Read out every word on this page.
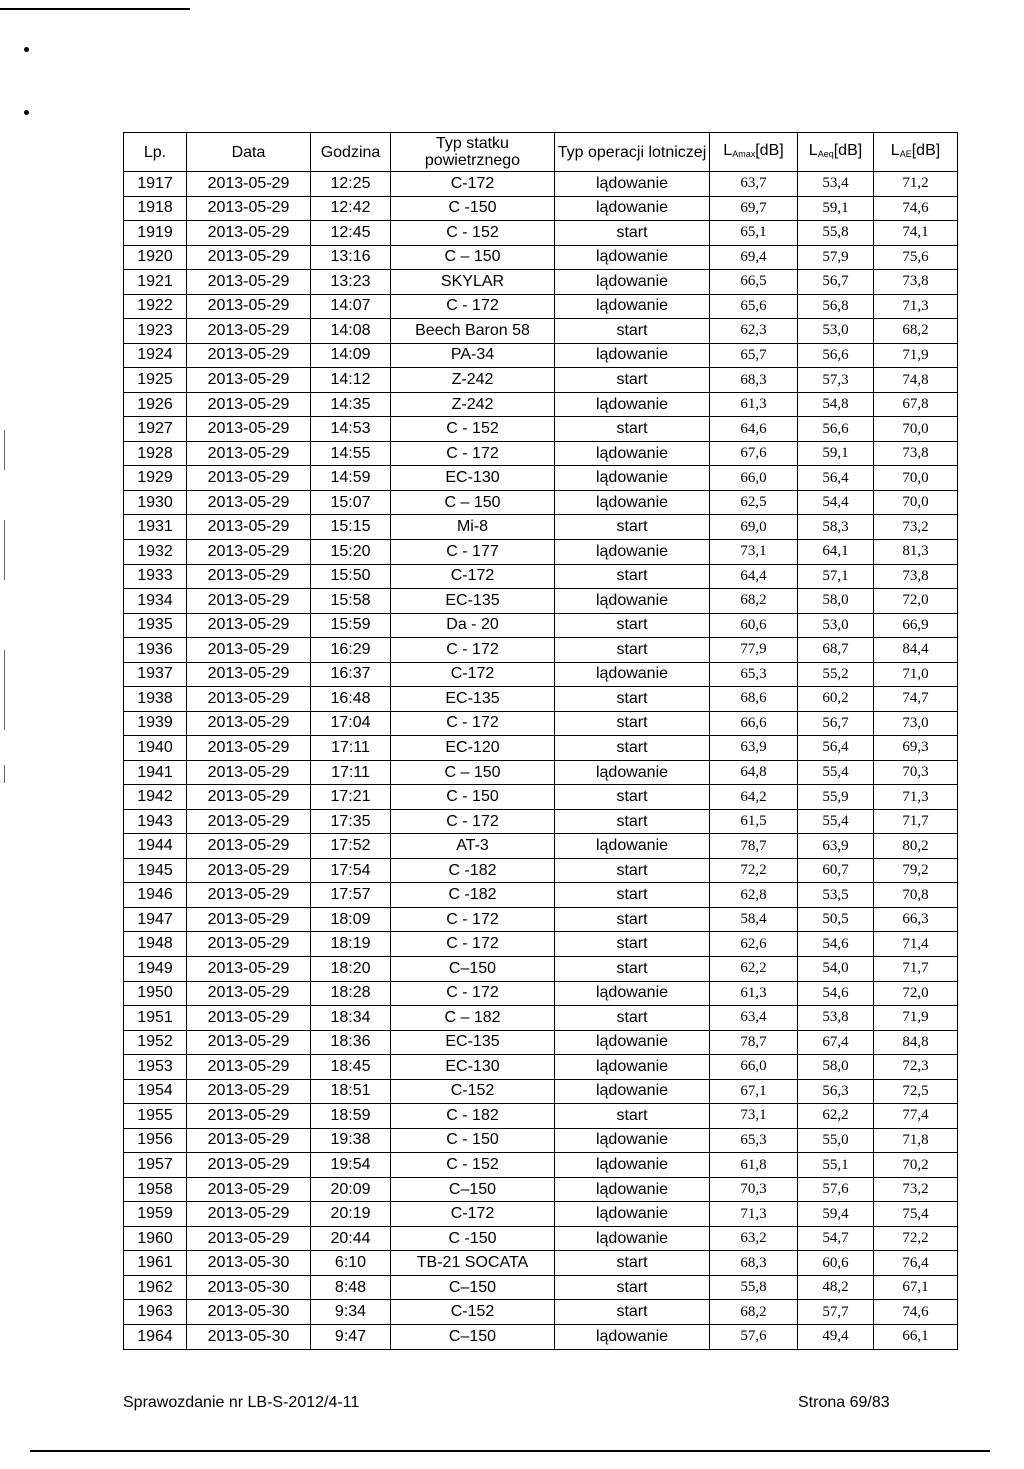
Lp.	Data	Godzina	Typ statku powietrznego	Typ operacji lotniczej	$L_{Amax}[dB]$	$L_{Aeq}[dB]$	$L_{AE}[dB]$
1917	2013-05-29	12:25	C-172	lądowanie	63,7	53,4	71,2
1918	2013-05-29	12:42	C -150	lądowanie	69,7	59,1	74,6
1919	2013-05-29	12:45	C - 152	start	65,1	55,8	74,1
1920	2013-05-29	13:16	C – 150	lądowanie	69,4	57,9	75,6
1921	2013-05-29	13:23	SKYLAR	lądowanie	66,5	56,7	73,8
1922	2013-05-29	14:07	C - 172	lądowanie	65,6	56,8	71,3
1923	2013-05-29	14:08	Beech Baron 58	start	62,3	53,0	68,2
1924	2013-05-29	14:09	PA-34	lądowanie	65,7	56,6	71,9
1925	2013-05-29	14:12	Z-242	start	68,3	57,3	74,8
1926	2013-05-29	14:35	Z-242	lądowanie	61,3	54,8	67,8
1927	2013-05-29	14:53	C - 152	start	64,6	56,6	70,0
1928	2013-05-29	14:55	C - 172	lądowanie	67,6	59,1	73,8
1929	2013-05-29	14:59	EC-130	lądowanie	66,0	56,4	70,0
1930	2013-05-29	15:07	C – 150	lądowanie	62,5	54,4	70,0
1931	2013-05-29	15:15	Mi-8	start	69,0	58,3	73,2
1932	2013-05-29	15:20	C - 177	lądowanie	73,1	64,1	81,3
1933	2013-05-29	15:50	C-172	start	64,4	57,1	73,8
1934	2013-05-29	15:58	EC-135	lądowanie	68,2	58,0	72,0
1935	2013-05-29	15:59	Da - 20	start	60,6	53,0	66,9
1936	2013-05-29	16:29	C - 172	start	77,9	68,7	84,4
1937	2013-05-29	16:37	C-172	lądowanie	65,3	55,2	71,0
1938	2013-05-29	16:48	EC-135	start	68,6	60,2	74,7
1939	2013-05-29	17:04	C - 172	start	66,6	56,7	73,0
1940	2013-05-29	17:11	EC-120	start	63,9	56,4	69,3
1941	2013-05-29	17:11	C – 150	lądowanie	64,8	55,4	70,3
1942	2013-05-29	17:21	C - 150	start	64,2	55,9	71,3
1943	2013-05-29	17:35	C - 172	start	61,5	55,4	71,7
1944	2013-05-29	17:52	AT-3	lądowanie	78,7	63,9	80,2
1945	2013-05-29	17:54	C -182	start	72,2	60,7	79,2
1946	2013-05-29	17:57	C -182	start	62,8	53,5	70,8
1947	2013-05-29	18:09	C - 172	start	58,4	50,5	66,3
1948	2013-05-29	18:19	C - 172	start	62,6	54,6	71,4
1949	2013-05-29	18:20	C–150	start	62,2	54,0	71,7
1950	2013-05-29	18:28	C - 172	lądowanie	61,3	54,6	72,0
1951	2013-05-29	18:34	C – 182	start	63,4	53,8	71,9
1952	2013-05-29	18:36	EC-135	lądowanie	78,7	67,4	84,8
1953	2013-05-29	18:45	EC-130	lądowanie	66,0	58,0	72,3
1954	2013-05-29	18:51	C-152	lądowanie	67,1	56,3	72,5
1955	2013-05-29	18:59	C - 182	start	73,1	62,2	77,4
1956	2013-05-29	19:38	C - 150	lądowanie	65,3	55,0	71,8
1957	2013-05-29	19:54	C - 152	lądowanie	61,8	55,1	70,2
1958	2013-05-29	20:09	C–150	lądowanie	70,3	57,6	73,2
1959	2013-05-29	20:19	C-172	lądowanie	71,3	59,4	75,4
1960	2013-05-29	20:44	C -150	lądowanie	63,2	54,7	72,2
1961	2013-05-30	6:10	TB-21 SOCATA	start	68,3	60,6	76,4
1962	2013-05-30	8:48	C–150	start	55,8	48,2	67,1
1963	2013-05-30	9:34	C-152	start	68,2	57,7	74,6
1964	2013-05-30	9:47	C–150	lądowanie	57,6	49,4	66,1
Sprawozdanie nr LB-S-2012/4-11	Strona 69/83
